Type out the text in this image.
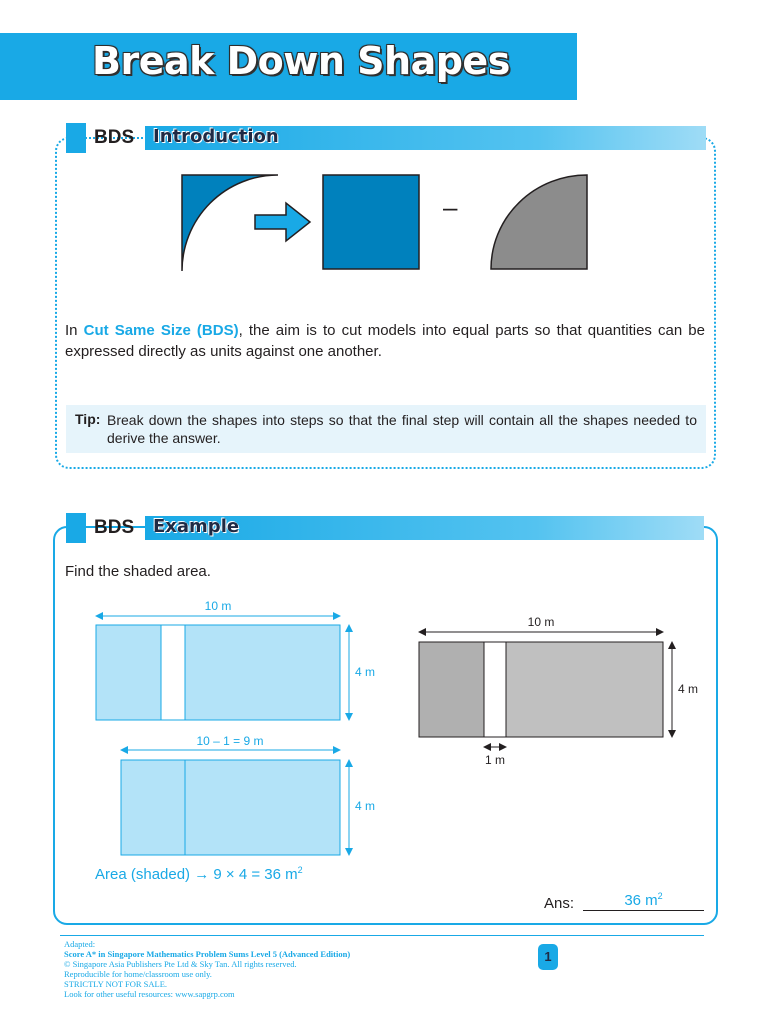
Break Down Shapes
BDS Introduction
–
In Cut Same Size (BDS), the aim is to cut models into equal parts so that quantities can be expressed directly as units against one another.
Tip: Break down the shapes into steps so that the final step will contain all the shapes needed to derive the answer.
BDS Example
Find the shaded area.
10 m
4 m
10 – 1 = 9 m
4 m
10 m
4 m
1 m
Area (shaded) → 9 × 4 = 36 $m^2$
Ans:	36 $m^2$
Adapted:
Score A* in Singapore Mathematics Problem Sums Level 5 (Advanced Edition)
© Singapore Asia Publishers Pte Ltd & Sky Tan. All rights reserved.
Reproducible for home/classroom use only.
STRICTLY NOT FOR SALE.
Look for other useful resources: www.sapgrp.com
1
